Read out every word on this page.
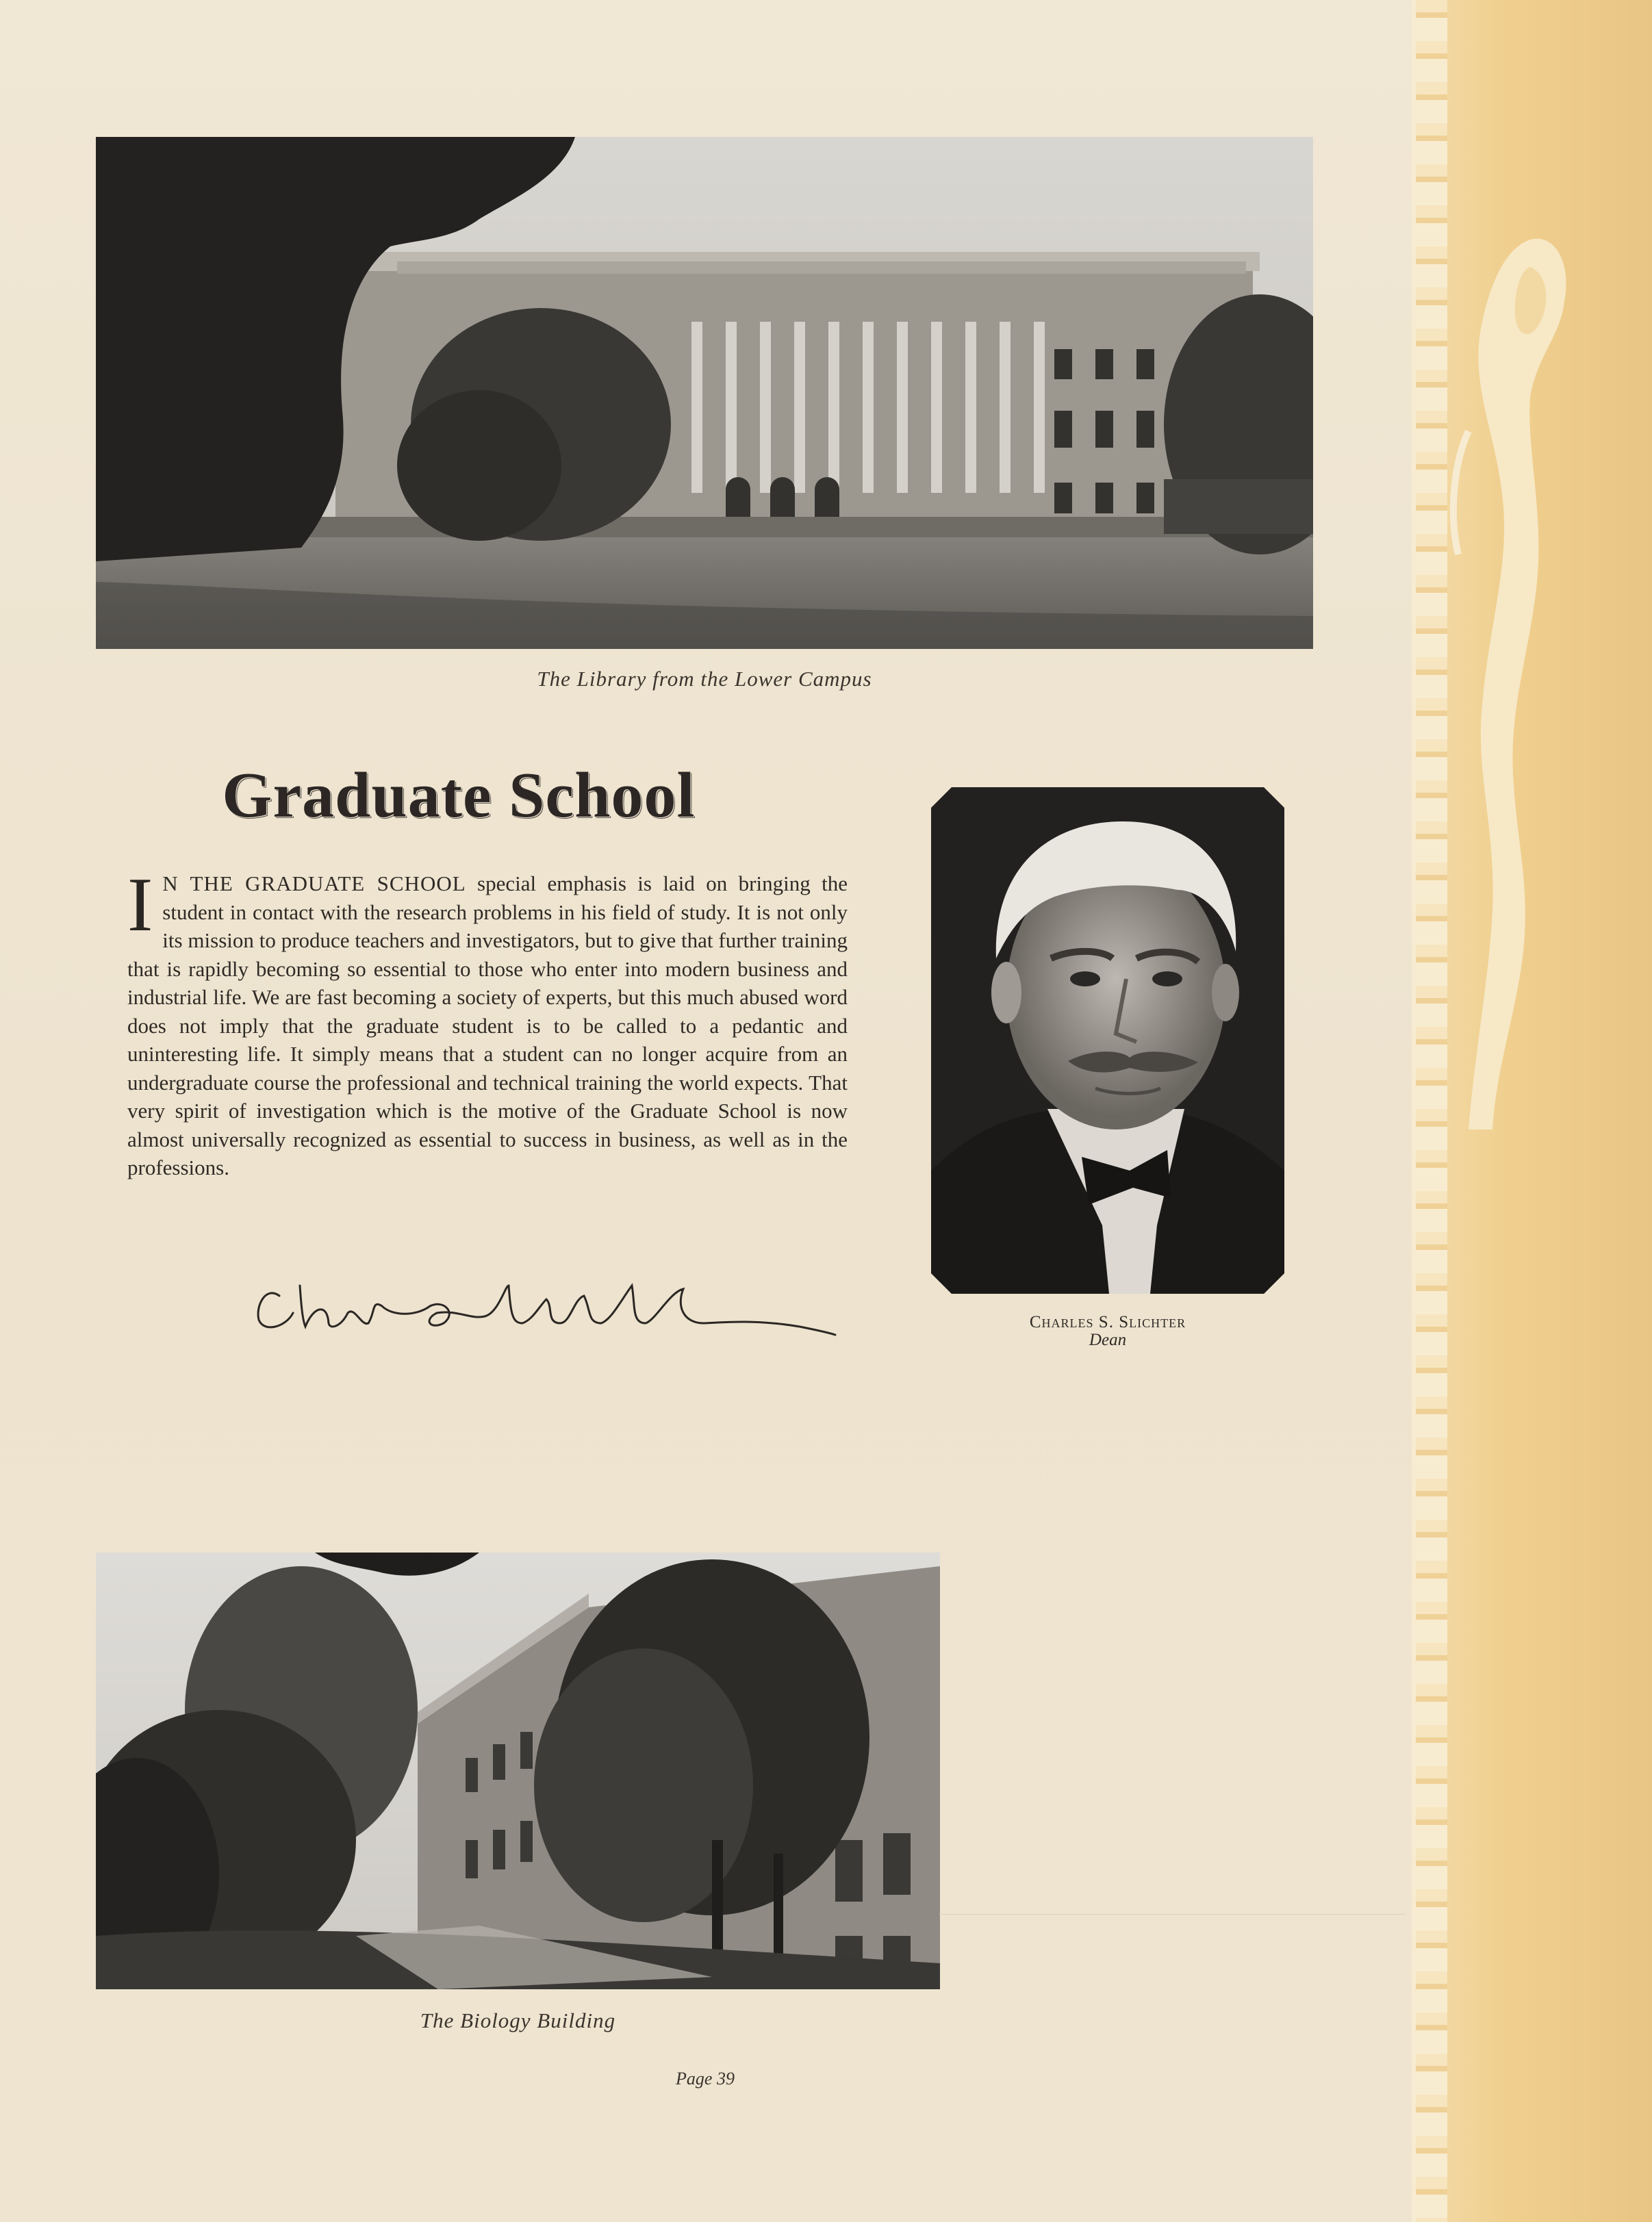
The Library from the Lower Campus
Graduate School
I N THE GRADUATE SCHOOL special emphasis is laid on bringing the student in contact with the research problems in his field of study. It is not only its mission to produce teachers and investigators, but to give that further training that is rapidly becoming so essential to those who enter into modern business and industrial life. We are fast becoming a society of experts, but this much abused word does not imply that the graduate student is to be called to a pedantic and uninteresting life. It simply means that a student can no longer acquire from an undergraduate course the professional and technical training the world expects. That very spirit of investigation which is the motive of the Graduate School is now almost universally recognized as essential to success in business, as well as in the professions.
Charles S. Slichter
Dean
The Biology Building
Page 39
